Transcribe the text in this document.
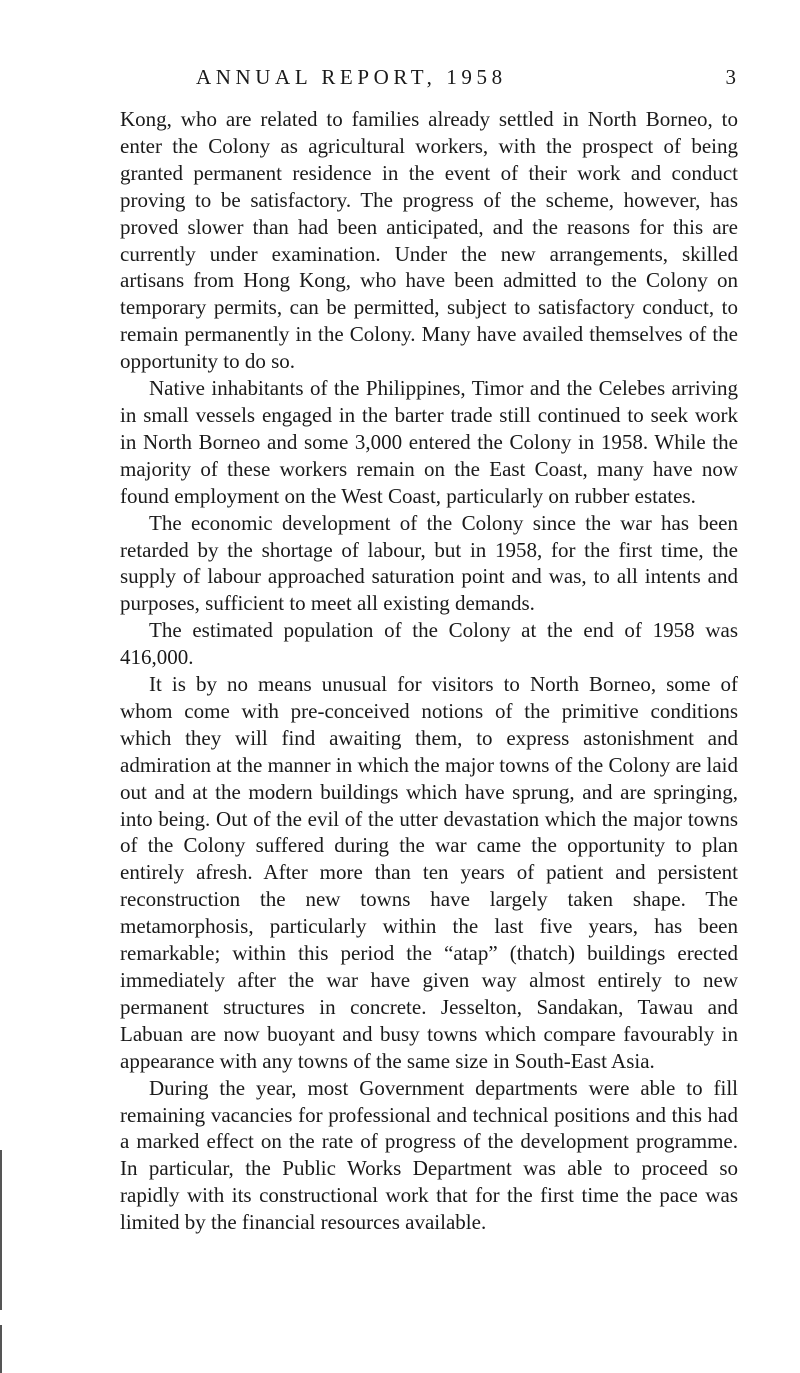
ANNUAL REPORT, 1958	3

Kong, who are related to families already settled in North Borneo, to enter the Colony as agricultural workers, with the prospect of being granted permanent residence in the event of their work and conduct proving to be satisfactory. The progress of the scheme, however, has proved slower than had been anticipated, and the reasons for this are currently under examination. Under the new arrangements, skilled artisans from Hong Kong, who have been admitted to the Colony on temporary permits, can be permitted, subject to satisfactory conduct, to remain permanently in the Colony. Many have availed themselves of the opportunity to do so.

Native inhabitants of the Philippines, Timor and the Celebes arriving in small vessels engaged in the barter trade still continued to seek work in North Borneo and some 3,000 entered the Colony in 1958. While the majority of these workers remain on the East Coast, many have now found employment on the West Coast, particularly on rubber estates.

The economic development of the Colony since the war has been retarded by the shortage of labour, but in 1958, for the first time, the supply of labour approached saturation point and was, to all intents and purposes, sufficient to meet all existing demands.

The estimated population of the Colony at the end of 1958 was 416,000.

It is by no means unusual for visitors to North Borneo, some of whom come with pre-conceived notions of the primitive conditions which they will find awaiting them, to express astonishment and admiration at the manner in which the major towns of the Colony are laid out and at the modern buildings which have sprung, and are springing, into being. Out of the evil of the utter devastation which the major towns of the Colony suffered during the war came the opportunity to plan entirely afresh. After more than ten years of patient and persistent reconstruction the new towns have largely taken shape. The metamorphosis, particularly within the last five years, has been remarkable; within this period the “atap” (thatch) buildings erected immediately after the war have given way almost entirely to new permanent structures in concrete. Jesselton, Sandakan, Tawau and Labuan are now buoyant and busy towns which compare favourably in appearance with any towns of the same size in South-East Asia.

During the year, most Government departments were able to fill remaining vacancies for professional and technical positions and this had a marked effect on the rate of progress of the development programme. In particular, the Public Works Department was able to proceed so rapidly with its constructional work that for the first time the pace was limited by the financial resources available.
